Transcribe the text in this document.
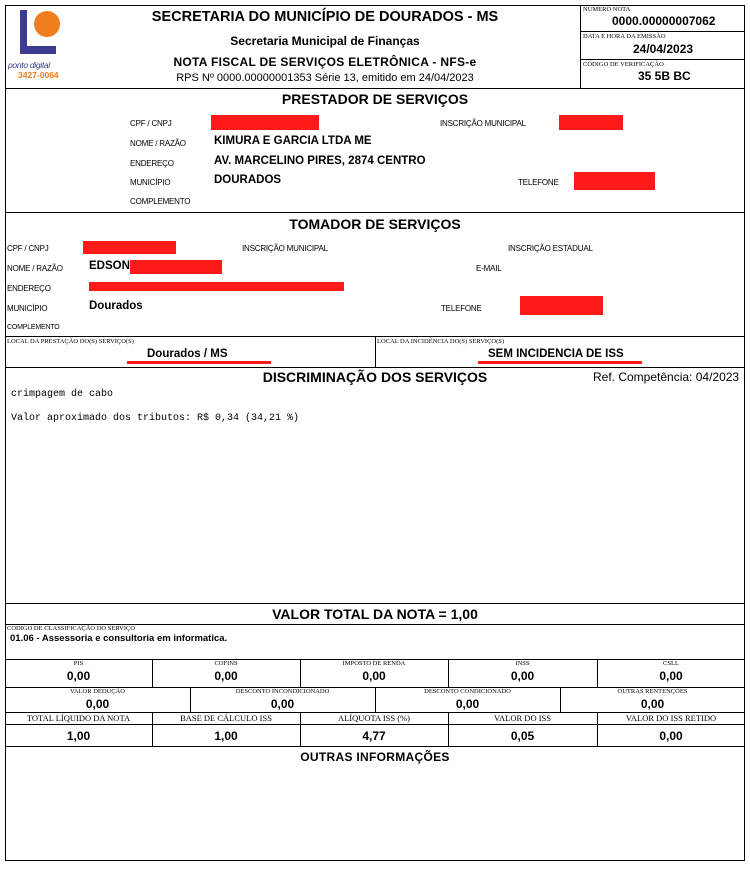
ponto digital
3427-0064
SECRETARIA DO MUNICÍPIO DE DOURADOS - MS
Secretaria Municipal de Finanças
NOTA FISCAL DE SERVIÇOS ELETRÔNICA - NFS-e
RPS Nº 0000.00000001353 Série 13, emitido em 24/04/2023
NUMERO NOTA
0000.00000007062
DATA E HORA DA EMISSÃO
24/04/2023
CÓDIGO DE VERIFICAÇÃO
35 5B BC
PRESTADOR DE SERVIÇOS
CPF / CNPJ	INSCRIÇÃO MUNICIPAL
NOME / RAZÃO KIMURA E GARCIA LTDA ME
ENDEREÇO	AV. MARCELINO PIRES, 2874 CENTRO
MUNICÍPIO	DOURADOS	TELEFONE
COMPLEMENTO
TOMADOR DE SERVIÇOS
CPF / CNPJ	INSCRIÇÃO MUNICIPAL	INSCRIÇÃO ESTADUAL
NOME / RAZÃO EDSON	E-MAIL
ENDEREÇO
MUNICÍPIO	Dourados	TELEFONE
COMPLEMENTO
LOCAL DA PRESTAÇÃO DO(S) SERVIÇO(S)
Dourados / MS
LOCAL DA INCIDÊNCIA DO(S) SERVIÇO(S)
SEM INCIDENCIA DE ISS
DISCRIMINAÇÃO DOS SERVIÇOS	Ref. Competência: 04/2023
crimpagem de cabo
Valor aproximado dos tributos: R$ 0,34 (34,21 %)
VALOR TOTAL DA NOTA = 1,00
CÓDIGO DE CLASSIFICAÇÃO DO SERVIÇO
01.06 - Assessoria e consultoria em informatica.
PIS
0,00
COFINS
0,00
IMPOSTO DE RENDA
0,00
INSS
0,00
CSLL
0,00
VALOR DEDUÇÃO
0,00
DESCONTO INCONDICIONADO
0,00
DESCONTO CONDICIONADO
0,00
OUTRAS RENTENÇÕES
0,00
TOTAL LÍQUIDO DA NOTA
1,00
BASE DE CÁLCULO ISS
1,00
ALÍQUOTA ISS (%)
4,77
VALOR DO ISS
0,05
VALOR DO ISS RETIDO
0,00
OUTRAS INFORMAÇÕES
